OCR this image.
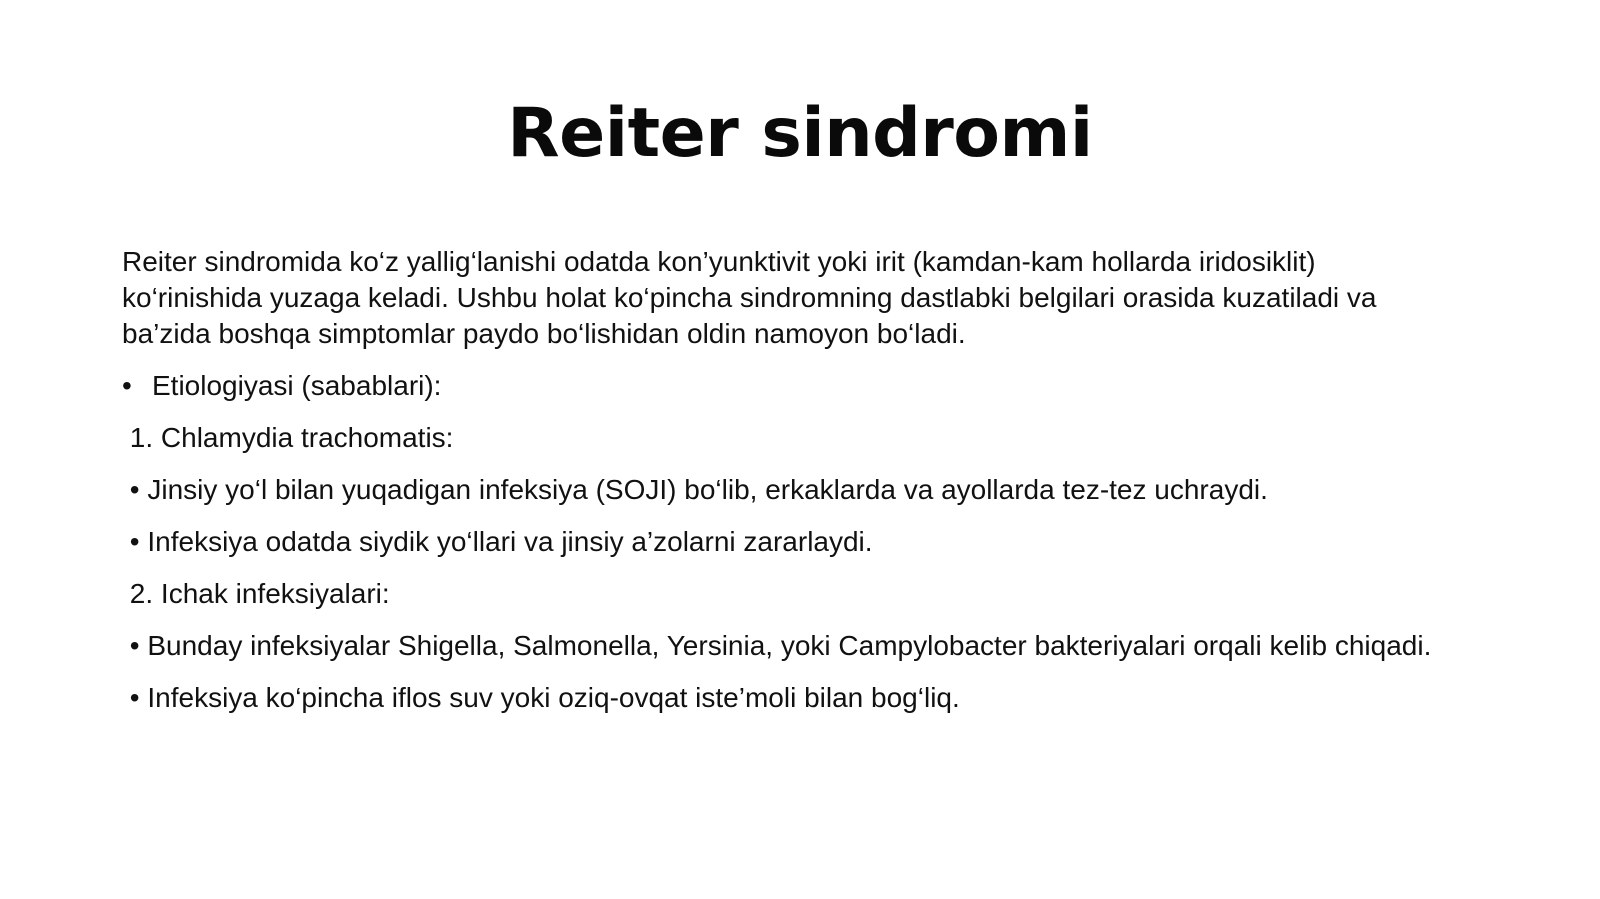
Reiter sindromi

Reiter sindromida ko‘z yallig‘lanishi odatda kon’yunktivit yoki irit (kamdan-kam hollarda iridosiklit) ko‘rinishida yuzaga keladi. Ushbu holat ko‘pincha sindromning dastlabki belgilari orasida kuzatiladi va ba’zida boshqa simptomlar paydo bo‘lishidan oldin namoyon bo‘ladi.

• Etiologiyasi (sabablari):
1. Chlamydia trachomatis:
• Jinsiy yo‘l bilan yuqadigan infeksiya (SOJI) bo‘lib, erkaklarda va ayollarda tez-tez uchraydi.
• Infeksiya odatda siydik yo‘llari va jinsiy a’zolarni zararlaydi.
2. Ichak infeksiyalari:
• Bunday infeksiyalar Shigella, Salmonella, Yersinia, yoki Campylobacter bakteriyalari orqali kelib chiqadi.
• Infeksiya ko‘pincha iflos suv yoki oziq-ovqat iste’moli bilan bog‘liq.
